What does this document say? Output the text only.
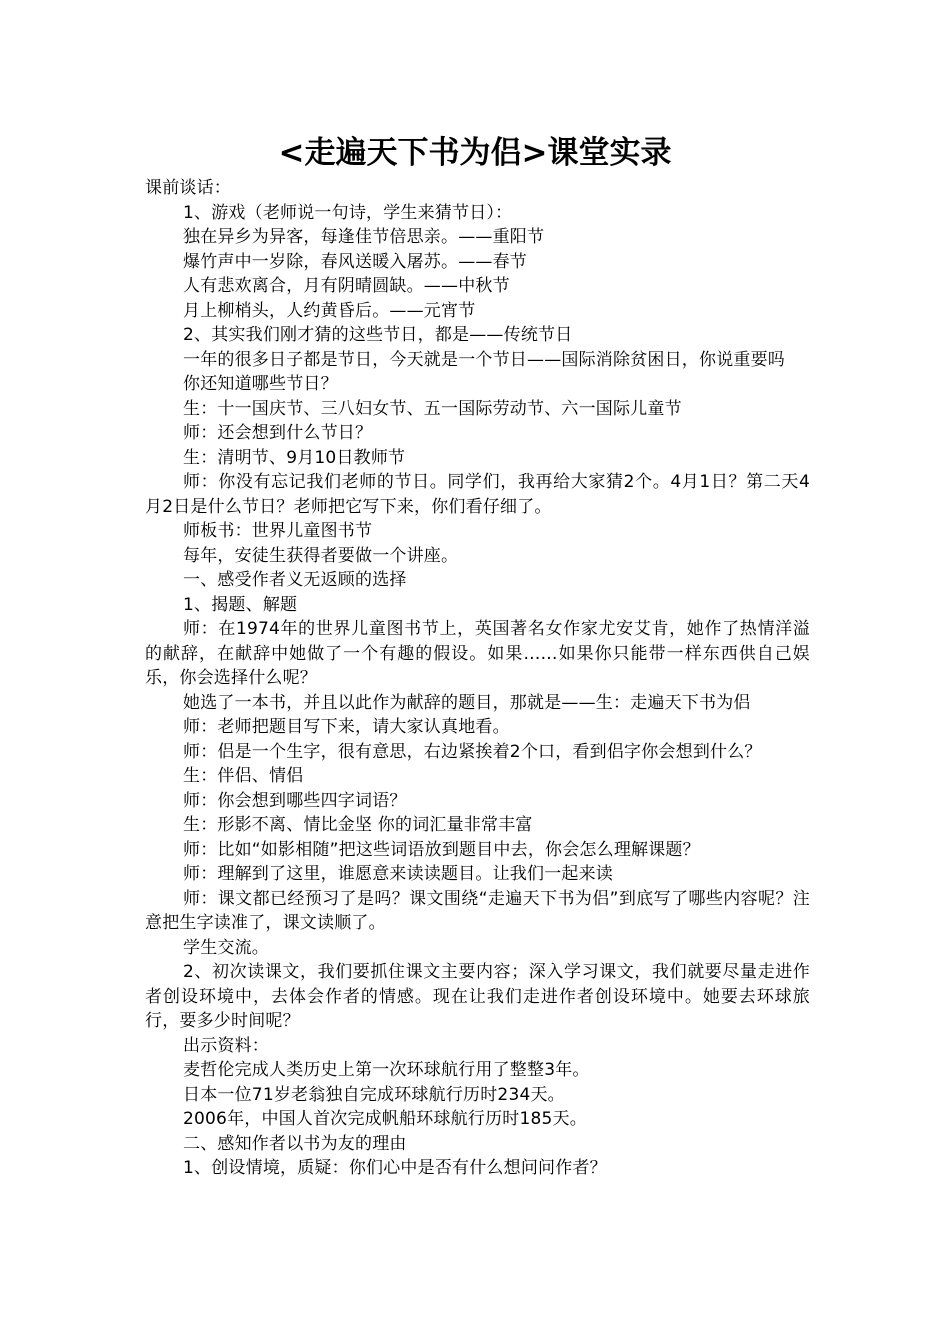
<走遍天下书为侣>课堂实录

课前谈话：

1、游戏（老师说一句诗，学生来猜节日）：

独在异乡为异客，每逢佳节倍思亲。——重阳节

爆竹声中一岁除，春风送暖入屠苏。——春节

人有悲欢离合，月有阴晴圆缺。——中秋节

月上柳梢头，人约黄昏后。——元宵节

2、其实我们刚才猜的这些节日，都是——传统节日

一年的很多日子都是节日，今天就是一个节日——国际消除贫困日，你说重要吗

你还知道哪些节日？

生：十一国庆节、三八妇女节、五一国际劳动节、六一国际儿童节

师：还会想到什么节日？

生：清明节、9月10日教师节

师：你没有忘记我们老师的节日。同学们，我再给大家猜2个。4月1日？第二天4月2日是什么节日？老师把它写下来，你们看仔细了。

师板书：世界儿童图书节

每年，安徒生获得者要做一个讲座。

一、感受作者义无返顾的选择

1、揭题、解题

师：在1974年的世界儿童图书节上，英国著名女作家尤安艾肯，她作了热情洋溢的献辞，在献辞中她做了一个有趣的假设。如果……如果你只能带一样东西供自己娱乐，你会选择什么呢？

她选了一本书，并且以此作为献辞的题目，那就是——生：走遍天下书为侣

师：老师把题目写下来，请大家认真地看。

师：侣是一个生字，很有意思，右边紧挨着2个口，看到侣字你会想到什么？

生：伴侣、情侣

师：你会想到哪些四字词语？

生：形影不离、情比金坚 你的词汇量非常丰富

师：比如“如影相随”把这些词语放到题目中去，你会怎么理解课题？

师：理解到了这里，谁愿意来读读题目。让我们一起来读

师：课文都已经预习了是吗？课文围绕“走遍天下书为侣”到底写了哪些内容呢？注意把生字读准了，课文读顺了。

学生交流。

2、初次读课文，我们要抓住课文主要内容；深入学习课文，我们就要尽量走进作者创设环境中，去体会作者的情感。现在让我们走进作者创设环境中。她要去环球旅行，要多少时间呢？

出示资料：

麦哲伦完成人类历史上第一次环球航行用了整整3年。

日本一位71岁老翁独自完成环球航行历时234天。

2006年，中国人首次完成帆船环球航行历时185天。

二、感知作者以书为友的理由

1、创设情境，质疑：你们心中是否有什么想问问作者？
